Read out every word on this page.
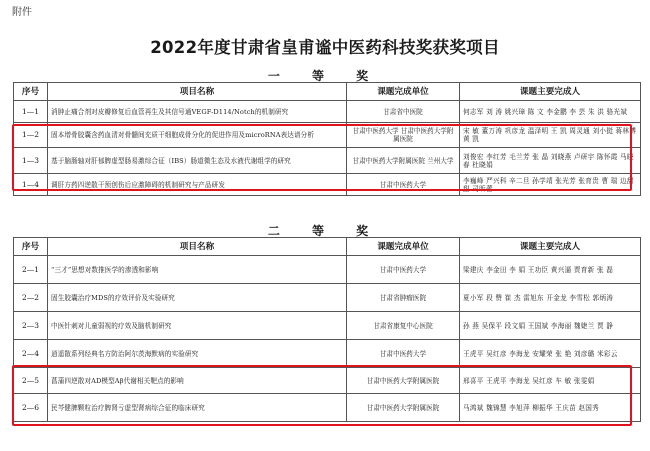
附件
2022年度甘肃省皇甫谧中医药科技奖获奖项目
一 等 奖
序号	项目名称	课题完成单位	课题主要完成人
1—1	消肿止痛合剂对皮瓣修复后血管再生及其信号通VEGF-D114/Notch的机制研究	甘肃省中医院	何志军 刘 涛 姚兴璋 陈 文 李金鹏 李 芸 朱 洪 骆光斌
1—2	固本增骨胶囊含药血清对骨髓间充质干细胞成骨分化的促进作用及microRNA表达谱分析	甘肃中医药大学 甘肃中医药大学附属医院	宋 敏 董万涛 巩彦龙 温泽明 王 凯 周灵通 刘小挺 蒋林博 黄 凯
1—3	基于脑肠轴对肝郁脾虚型肠易激综合征（IBS）肠道微生态及水液代谢组学的研究	甘肃中医药大学附属医院 兰州大学	刘俊宏 李红芳 毛兰芳 张 晶 刘晓燕 卢研宇 陈怀霞 马晓春 杜晓娟
1—4	调肝方药四逆散干预创伤后应激障碍的机制研究与产品研发	甘肃中医药大学	李巍峰 严兴科 辛二旦 孙学靖 张光芳 张育贵 曹 瑞 边甜甜 司昕蕾
二 等 奖
序号	项目名称	课题完成单位	课题主要完成人
2—1	“三才”思想对数推医学的渗透和影响	甘肃中医药大学	梁建庆 李金田 李 娟 王功臣 黄兴逼 贾育新 张 磊
2—2	固生胶囊治疗MDS的疗效评价及实验研究	甘肃省肿瘤医院	夏小军 段 赞 崔 杰 雷旭东 开金龙 李雪松 郭炳涛
2—3	中医针刺对儿童弱视的疗效及脑机制研究	甘肃省康复中心医院	孙 燕 吴保平 段文娟 王国斌 李海丽 魏婕兰 贾 静
2—4	逍遥散系列经典名方防治阿尔茨海默病的实验研究	甘肃中医药大学	王虎平 吴红彦 李海龙 安耀荣 张 艳 刘彦璐 米彩云
2—5	菖蒲四逆散对AD模型Aβ代谢相关靶点的影响	甘肃中医药大学附属医院	邢喜平 王虎平 李海龙 吴红彦 车 敏 张雯娟
2—6	民芩健脾颗粒治疗脾肾亏虚型肾病综合征的临床研究	甘肃中医药大学附属医院	马鸿斌 魏锦慧 李旭萍 柳振华 王庆苗 赵国秀
